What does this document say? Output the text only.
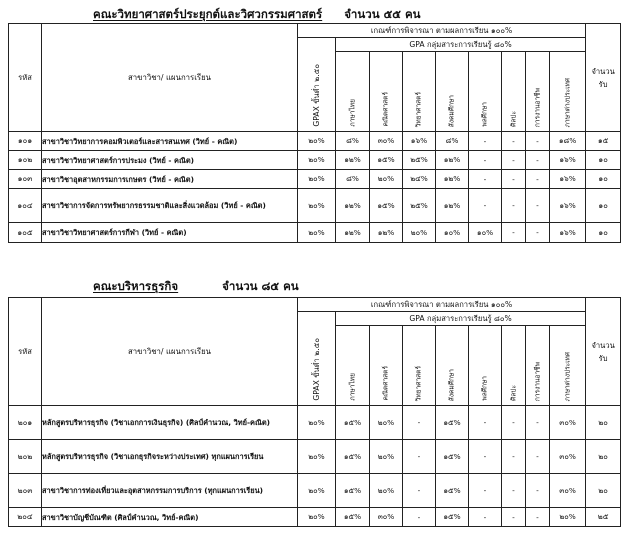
คณะวิทยาศาสตร์ประยุกต์และวิศวกรรมศาสตร์ จำนวน ๕๕ คน
รหัส	สาขาวิชา/ แผนการเรียน	เกณฑ์การพิจารณา ตามผลการเรียน ๑๐๐%									จำนวนรับ

		GPAX ขั้นต่ำ ๒.๕๐	GPA กลุ่มสาระการเรียนรู้ ๘๐%								

			ภาษาไทย	คณิตศาสตร์	วิทยาศาสตร์	สังคมศึกษา	พลศึกษา	ศิลปะ	การงานอาชีพ	ภาษาต่างประเทศ	

๑๐๑	สาขาวิชาวิทยาการคอมพิวเตอร์และสารสนเทศ (วิทย์ - คณิต)	๒๐%	๘%	๓๐%	๑๖%	๘%	-	-	-	๑๘%	๑๕
๑๐๒	สาขาวิชาวิทยาศาสตร์การประมง (วิทย์ - คณิต)	๒๐%	๑๒%	๑๕%	๒๕%	๑๒%	-	-	-	๑๖%	๑๐
๑๐๓	สาขาวิชาอุตสาหกรรมการเกษตร (วิทย์ - คณิต)	๒๐%	๘%	๒๐%	๒๔%	๑๒%	-	-	-	๑๖%	๑๐
๑๐๔	สาขาวิชาการจัดการทรัพยากรธรรมชาติและสิ่งแวดล้อม (วิทย์ - คณิต)	๒๐%	๑๒%	๑๕%	๒๕%	๑๒%	-	-	-	๑๖%	๑๐
๑๐๕	สาขาวิชาวิทยาศาสตร์การกีฬา (วิทย์ - คณิต)	๒๐%	๑๒%	๑๒%	๒๐%	๑๐%	๑๐%	-	-	๑๖%	๑๐
คณะบริหารธุรกิจ	จำนวน ๘๕ คน
รหัส	สาขาวิชา/ แผนการเรียน	เกณฑ์การพิจารณา ตามผลการเรียน ๑๐๐%									จำนวนรับ

		GPAX ขั้นต่ำ ๒.๕๐	GPA กลุ่มสาระการเรียนรู้ ๘๐%								

			ภาษาไทย	คณิตศาสตร์	วิทยาศาสตร์	สังคมศึกษา	พลศึกษา	ศิลปะ	การงานอาชีพ	ภาษาต่างประเทศ	

๒๐๑	หลักสูตรบริหารธุรกิจ (วิชาเอกการเงินธุรกิจ) (ศิลป์คำนวณ, วิทย์-คณิต)	๒๐%	๑๕%	๒๐%	-	๑๕%	-	-	-	๓๐%	๒๐
๒๐๒	หลักสูตรบริหารธุรกิจ (วิชาเอกธุรกิจระหว่างประเทศ) ทุกแผนการเรียน	๒๐%	๑๕%	๒๐%	-	๑๕%	-	-	-	๓๐%	๒๐
๒๐๓	สาขาวิชาการท่องเที่ยวและอุตสาหกรรมการบริการ (ทุกแผนการเรียน)	๒๐%	๑๕%	๒๐%	-	๑๕%	-	-	-	๓๐%	๒๐
๒๐๔	สาขาวิชาบัญชีบัณฑิต (ศิลป์คำนวณ, วิทย์-คณิต)	๒๐%	๑๕%	๓๐%	-	๑๕%	-	-	-	๒๐%	๒๕
